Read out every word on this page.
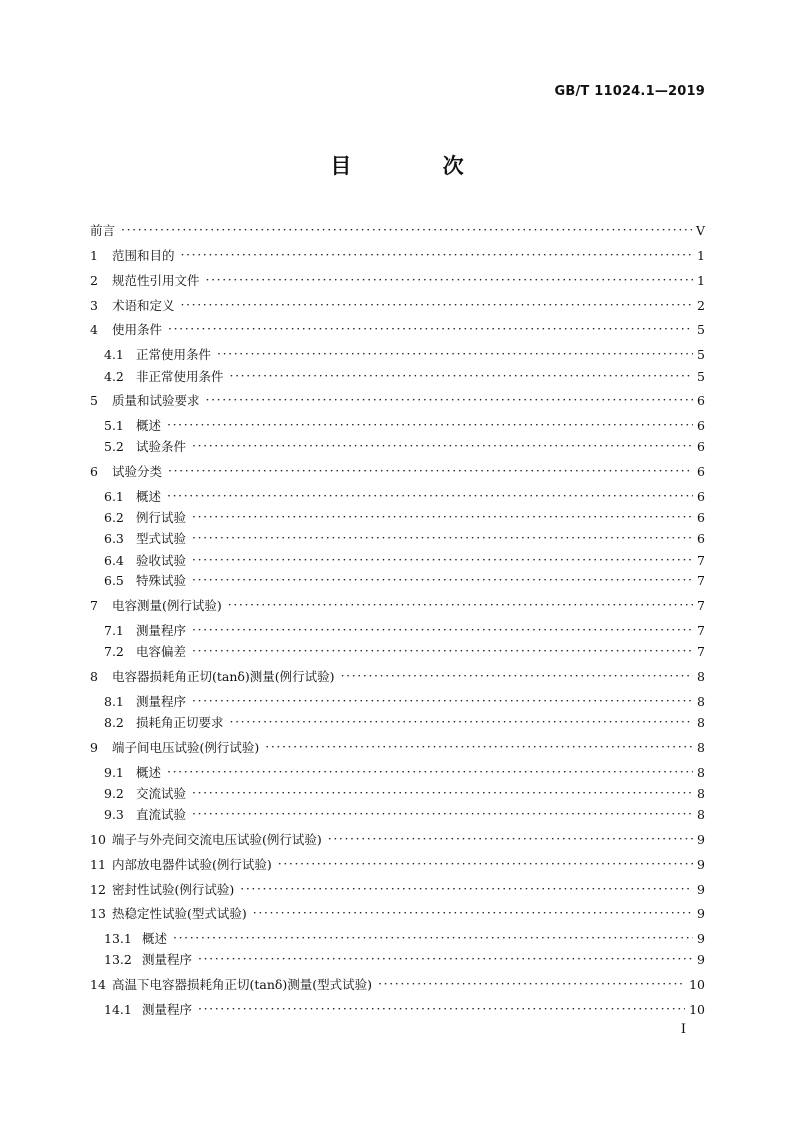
GB/T 11024.1—2019
目 次
前言 ·····	V
1	范围和目的 ·····	1
2	规范性引用文件 ·····	1
3	术语和定义 ·····	2
4	使用条件 ·····	5
4.1 正常使用条件 ·····	5
4.2 非正常使用条件 ·····	5
5	质量和试验要求 ·····	6
5.1 概述 ·····	6
5.2 试验条件 ·····	6
6	试验分类 ·····	6
6.1 概述 ·····	6
6.2 例行试验 ·····	6
6.3 型式试验 ·····	6
6.4 验收试验 ·····	7
6.5 特殊试验 ·····	7
7	电容测量(例行试验) ·····	7
7.1 测量程序 ·····	7
7.2 电容偏差 ·····	7
8	电容器损耗角正切(tanδ)测量(例行试验) ·····	8
8.1 测量程序 ·····	8
8.2 损耗角正切要求 ·····	8
9	端子间电压试验(例行试验) ·····	8
9.1 概述 ·····	8
9.2 交流试验 ·····	8
9.3 直流试验 ·····	8
10 端子与外壳间交流电压试验(例行试验) ·····	9
11 内部放电器件试验(例行试验) ·····	9
12 密封性试验(例行试验) ·····	9
13 热稳定性试验(型式试验) ·····	9
13.1 概述 ·····	9
13.2 测量程序 ·····	9
14 高温下电容器损耗角正切(tanδ)测量(型式试验) ·····	10
14.1 测量程序 ·····	10
I
